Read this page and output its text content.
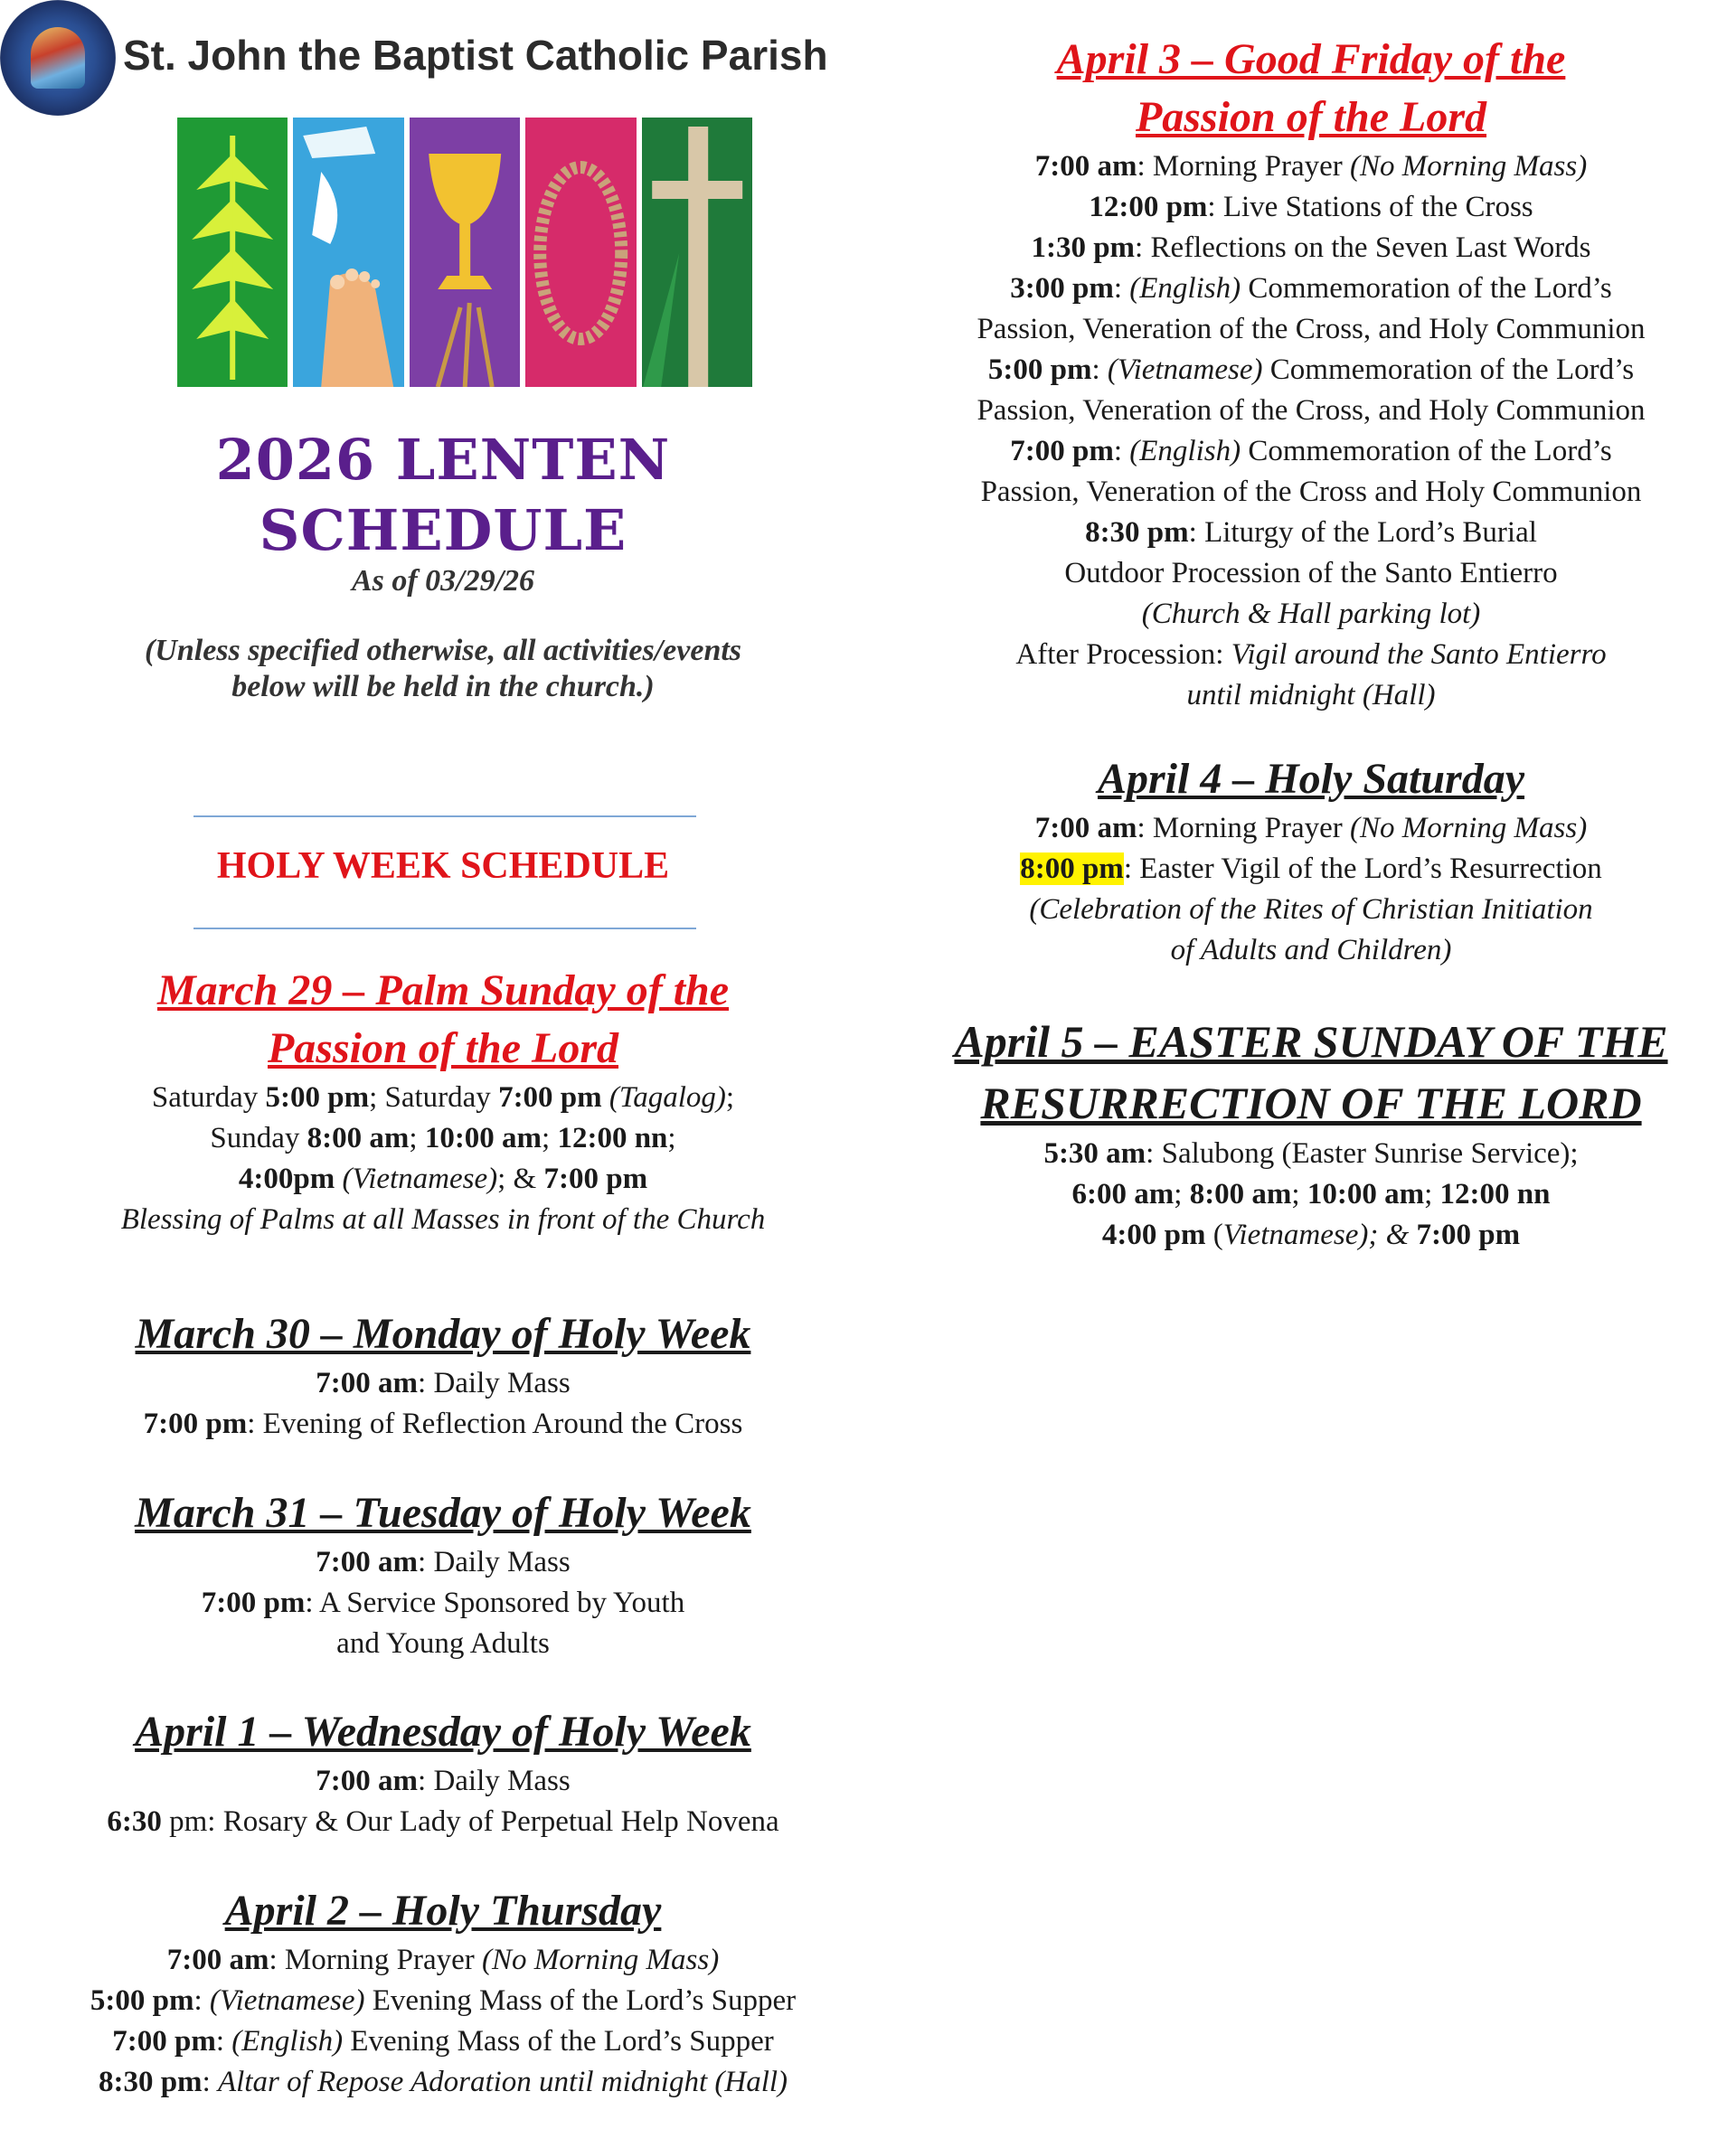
St. John the Baptist Catholic Parish
2026 LENTEN
SCHEDULE
As of 03/29/26
(Unless specified otherwise, all activities/events
below will be held in the church.)
HOLY WEEK SCHEDULE
March 29 – Palm Sunday of the
Passion of the Lord
Saturday 5:00 pm; Saturday 7:00 pm (Tagalog);
Sunday 8:00 am; 10:00 am; 12:00 nn;
4:00pm (Vietnamese); & 7:00 pm
Blessing of Palms at all Masses in front of the Church
March 30 – Monday of Holy Week
7:00 am: Daily Mass
7:00 pm: Evening of Reflection Around the Cross
March 31 – Tuesday of Holy Week
7:00 am: Daily Mass
7:00 pm: A Service Sponsored by Youth
and Young Adults
April 1 – Wednesday of Holy Week
7:00 am: Daily Mass
6:30 pm: Rosary & Our Lady of Perpetual Help Novena
April 2 – Holy Thursday
7:00 am: Morning Prayer (No Morning Mass)
5:00 pm: (Vietnamese) Evening Mass of the Lord’s Supper
7:00 pm: (English) Evening Mass of the Lord’s Supper
8:30 pm: Altar of Repose Adoration until midnight (Hall)
April 3 – Good Friday of the
Passion of the Lord
7:00 am: Morning Prayer (No Morning Mass)
12:00 pm: Live Stations of the Cross
1:30 pm: Reflections on the Seven Last Words
3:00 pm: (English) Commemoration of the Lord’s
Passion, Veneration of the Cross, and Holy Communion
5:00 pm: (Vietnamese) Commemoration of the Lord’s
Passion, Veneration of the Cross, and Holy Communion
7:00 pm: (English) Commemoration of the Lord’s
Passion, Veneration of the Cross and Holy Communion
8:30 pm: Liturgy of the Lord’s Burial
Outdoor Procession of the Santo Entierro
(Church & Hall parking lot)
After Procession: Vigil around the Santo Entierro
until midnight (Hall)
April 4 – Holy Saturday
7:00 am: Morning Prayer (No Morning Mass)
8:00 pm: Easter Vigil of the Lord’s Resurrection
(Celebration of the Rites of Christian Initiation
of Adults and Children)
April 5 – EASTER SUNDAY OF THE
RESURRECTION OF THE LORD
5:30 am: Salubong (Easter Sunrise Service);
6:00 am; 8:00 am; 10:00 am; 12:00 nn
4:00 pm (Vietnamese); & 7:00 pm
